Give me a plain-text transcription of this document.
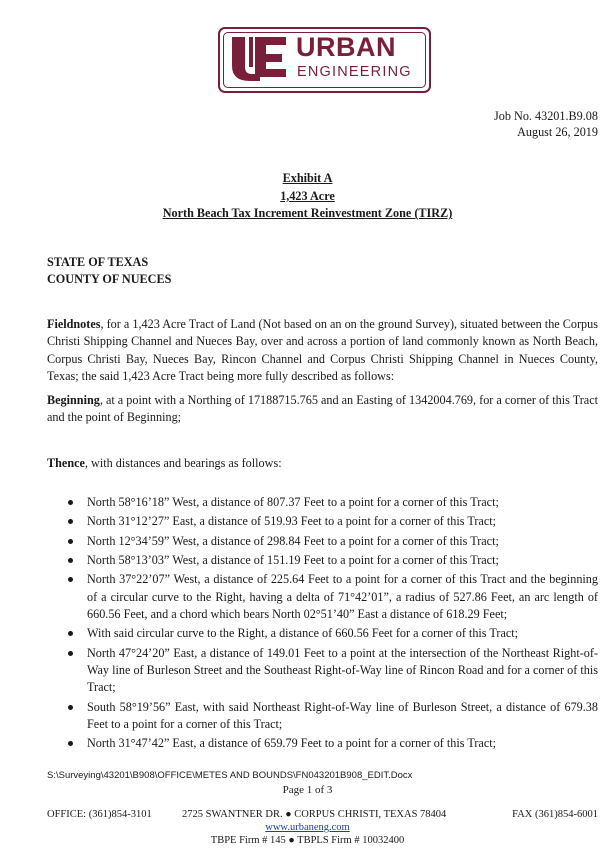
URBAN
ENGINEERING
Job No. 43201.B9.08
August 26, 2019
Exhibit A
1,423 Acre
North Beach Tax Increment Reinvestment Zone (TIRZ)
STATE OF TEXAS
COUNTY OF NUECES
Fieldnotes, for a 1,423 Acre Tract of Land (Not based on an on the ground Survey), situated between the Corpus Christi Shipping Channel and Nueces Bay, over and across a portion of land commonly known as North Beach, Corpus Christi Bay, Nueces Bay, Rincon Channel and Corpus Christi Shipping Channel in Nueces County, Texas; the said 1,423 Acre Tract being more fully described as follows:
Beginning, at a point with a Northing of 17188715.765 and an Easting of 1342004.769, for a corner of this Tract and the point of Beginning;
Thence, with distances and bearings as follows:
North 58°16’18” West, a distance of 807.37 Feet to a point for a corner of this Tract;
North 31°12’27” East, a distance of 519.93 Feet to a point for a corner of this Tract;
North 12°34’59” West, a distance of 298.84 Feet to a point for a corner of this Tract;
North 58°13’03” West, a distance of 151.19 Feet to a point for a corner of this Tract;
North 37°22’07” West, a distance of 225.64 Feet to a point for a corner of this Tract and the beginning of a circular curve to the Right, having a delta of 71°42’01”, a radius of 527.86 Feet, an arc length of 660.56 Feet, and a chord which bears North 02°51’40” East a distance of 618.29 Feet;
With said circular curve to the Right, a distance of 660.56 Feet for a corner of this Tract;
North 47°24’20” East, a distance of 149.01 Feet to a point at the intersection of the Northeast Right-of-Way line of Burleson Street and the Southeast Right-of-Way line of Rincon Road and for a corner of this Tract;
South 58°19’56” East, with said Northeast Right-of-Way line of Burleson Street, a distance of 679.38 Feet to a point for a corner of this Tract;
North 31°47’42” East, a distance of 659.79 Feet to a point for a corner of this Tract;
S:\Surveying\43201\B908\OFFICE\METES AND BOUNDS\FN043201B908_EDIT.Docx
Page 1 of 3
OFFICE: (361)854-3101	2725 SWANTNER DR. ● CORPUS CHRISTI, TEXAS 78404	FAX (361)854-6001
www.urbaneng.com
TBPE Firm # 145 ● TBPLS Firm # 10032400
